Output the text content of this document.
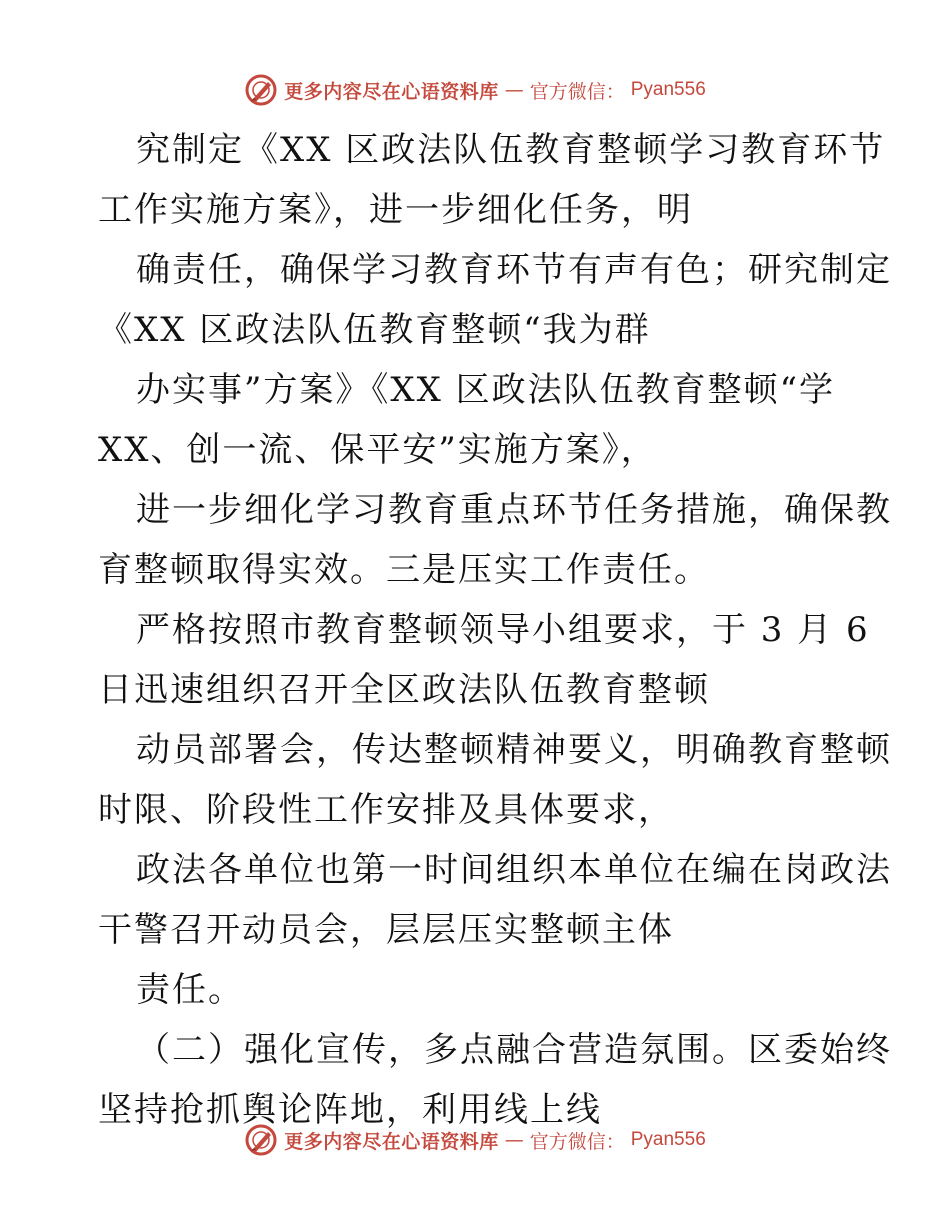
更多内容尽在心语资料库 — 官方微信： Pyan556
究制定《XX 区政法队伍教育整顿学习教育环节
工作实施方案》，进一步细化任务，明
确责任，确保学习教育环节有声有色；研究制定
《XX 区政法队伍教育整顿“我为群
办实事”方案》《XX 区政法队伍教育整顿“学
XX、创一流、保平安”实施方案》，
进一步细化学习教育重点环节任务措施，确保教
育整顿取得实效。三是压实工作责任。
严格按照市教育整顿领导小组要求，于 3 月 6
日迅速组织召开全区政法队伍教育整顿
动员部署会，传达整顿精神要义，明确教育整顿
时限、阶段性工作安排及具体要求，
政法各单位也第一时间组织本单位在编在岗政法
干警召开动员会，层层压实整顿主体
责任。
（二）强化宣传，多点融合营造氛围。区委始终
坚持抢抓舆论阵地，利用线上线
更多内容尽在心语资料库 — 官方微信： Pyan556
